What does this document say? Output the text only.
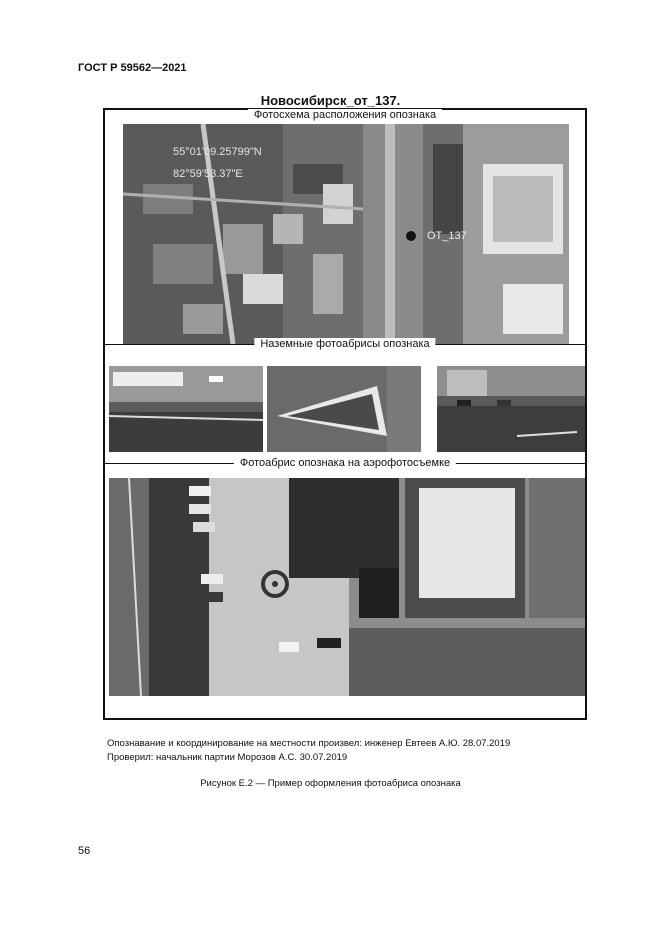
ГОСТ Р 59562—2021
Новосибирск_от_137.
Фотосхема расположения опознака
55°01'09.25799"N
82°59'53.37"E
ОТ_137
Наземные фотоабрисы опознака
Фотоабрис опознака на аэрофотосъемке
Опознавание и координирование на местности произвел: инженер Евтеев А.Ю. 28.07.2019
Проверил: начальник партии Морозов А.С. 30.07.2019
Рисунок Е.2 — Пример оформления фотоабриса опознака
56
